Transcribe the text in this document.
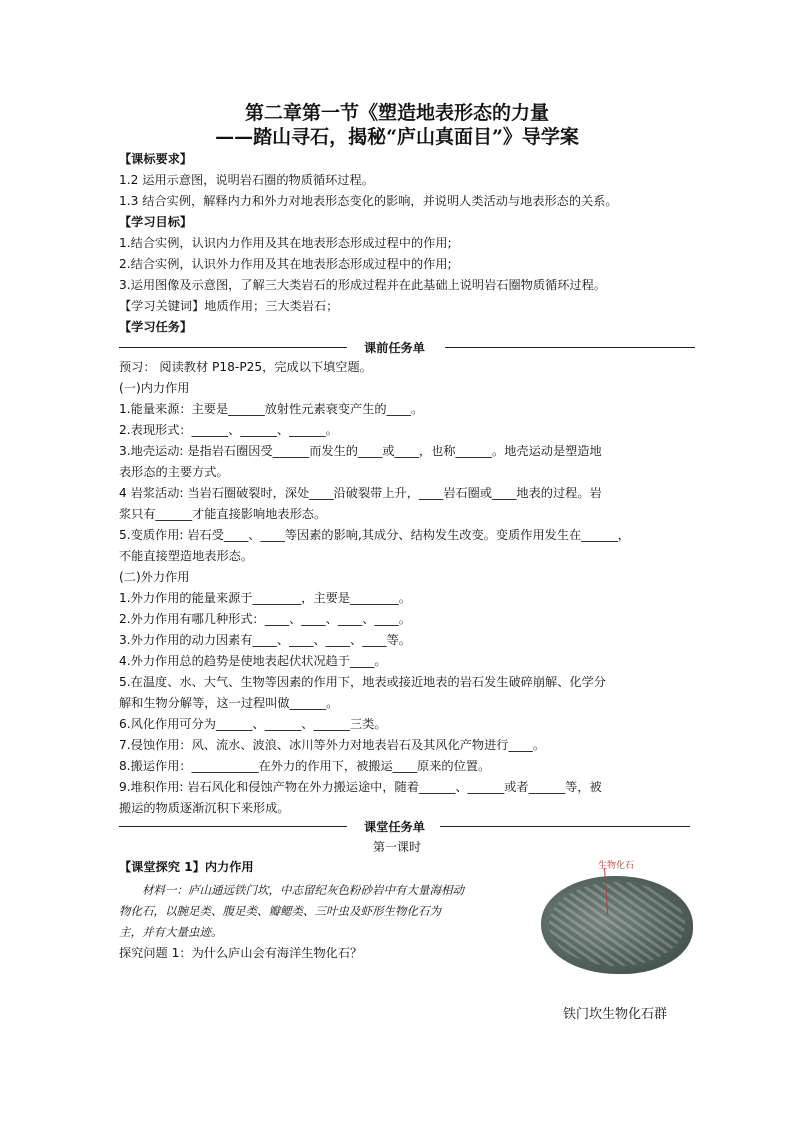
第二章第一节《塑造地表形态的力量
——踏山寻石，揭秘“庐山真面目”》导学案
【课标要求】
1.2 运用示意图，说明岩石圈的物质循环过程。
1.3 结合实例，解释内力和外力对地表形态变化的影响，并说明人类活动与地表形态的关系。
【学习目标】
1.结合实例，认识内力作用及其在地表形态形成过程中的作用;
2.结合实例，认识外力作用及其在地表形态形成过程中的作用;
3.运用图像及示意图，了解三大类岩石的形成过程并在此基础上说明岩石圈物质循环过程。
【学习关键词】地质作用；三大类岩石；
【学习任务】
课前任务单
预习： 阅读教材 P18-P25，完成以下填空题。
(一)内力作用
1.能量来源：主要是______放射性元素衰变产生的____。
2.表现形式：______、______、______。
3.地壳运动: 是指岩石圈因受______而发生的____或____，也称______。地壳运动是塑造地
表形态的主要方式。
4 岩浆活动: 当岩石圈破裂时，深处____沿破裂带上升，____岩石圈或____地表的过程。岩
浆只有______才能直接影响地表形态。
5.变质作用: 岩石受____、____等因素的影响,其成分、结构发生改变。变质作用发生在______，
不能直接塑造地表形态。
(二)外力作用
1.外力作用的能量来源于________，主要是________。
2.外力作用有哪几种形式：____、____、____、____。
3.外力作用的动力因素有____、____、____、____等。
4.外力作用总的趋势是使地表起伏状况趋于____。
5.在温度、水、大气、生物等因素的作用下，地表或接近地表的岩石发生破碎崩解、化学分
解和生物分解等，这一过程叫做______。
6.风化作用可分为______、______、______三类。
7.侵蚀作用：风、流水、波浪、冰川等外力对地表岩石及其风化产物进行____。
8.搬运作用：___________在外力的作用下，被搬运____原来的位置。
9.堆积作用: 岩石风化和侵蚀产物在外力搬运途中，随着______、______或者______等，被
搬运的物质逐渐沉积下来形成。
课堂任务单
第一课时
【课堂探究 1】内力作用
材料一：庐山通远铁门坎，中志留纪灰色粉砂岩中有大量海相动
物化石，以腕足类、腹足类、瓣鳃类、三叶虫及虾形生物化石为
主，并有大量虫迹。
探究问题 1：为什么庐山会有海洋生物化石？
生物化石
铁门坎生物化石群
